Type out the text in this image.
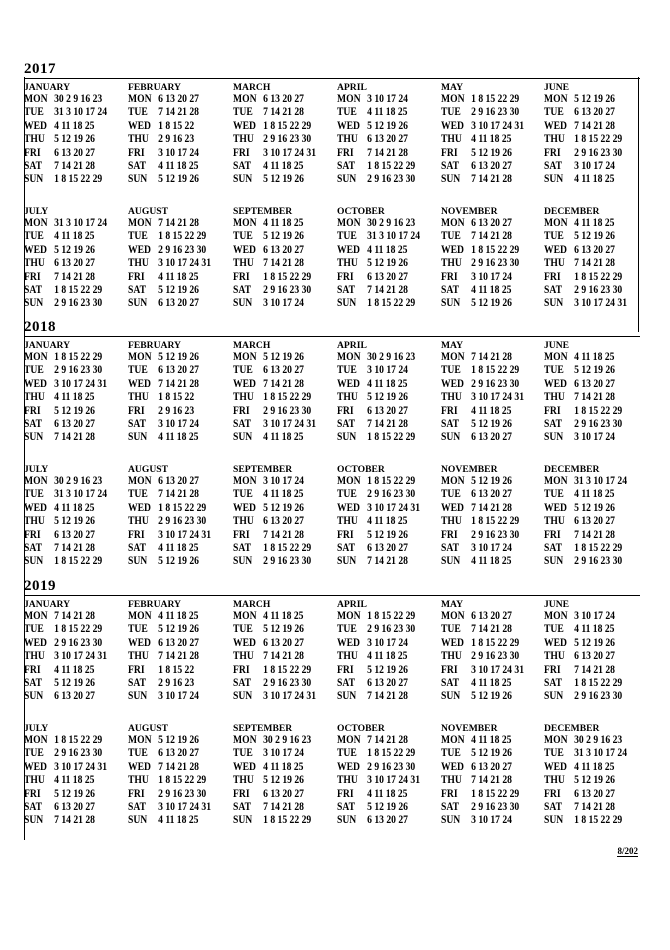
2017
JANUARY
MON 30 2 9 16 23
TUE 31 3 10 17 24
WED 4 11 18 25
THU 5 12 19 26
FRI 6 13 20 27
SAT 7 14 21 28
SUN 1 8 15 22 29
FEBRUARY
MON 6 13 20 27
TUE 7 14 21 28
WED 1 8 15 22
THU 2 9 16 23
FRI 3 10 17 24
SAT 4 11 18 25
SUN 5 12 19 26
MARCH
MON 6 13 20 27
TUE 7 14 21 28
WED 1 8 15 22 29
THU 2 9 16 23 30
FRI 3 10 17 24 31
SAT 4 11 18 25
SUN 5 12 19 26
APRIL
MON 3 10 17 24
TUE 4 11 18 25
WED 5 12 19 26
THU 6 13 20 27
FRI 7 14 21 28
SAT 1 8 15 22 29
SUN 2 9 16 23 30
MAY
MON 1 8 15 22 29
TUE 2 9 16 23 30
WED 3 10 17 24 31
THU 4 11 18 25
FRI 5 12 19 26
SAT 6 13 20 27
SUN 7 14 21 28
JUNE
MON 5 12 19 26
TUE 6 13 20 27
WED 7 14 21 28
THU 1 8 15 22 29
FRI 2 9 16 23 30
SAT 3 10 17 24
SUN 4 11 18 25
JULY
MON 31 3 10 17 24
TUE 4 11 18 25
WED 5 12 19 26
THU 6 13 20 27
FRI 7 14 21 28
SAT 1 8 15 22 29
SUN 2 9 16 23 30
AUGUST
MON 7 14 21 28
TUE 1 8 15 22 29
WED 2 9 16 23 30
THU 3 10 17 24 31
FRI 4 11 18 25
SAT 5 12 19 26
SUN 6 13 20 27
SEPTEMBER
MON 4 11 18 25
TUE 5 12 19 26
WED 6 13 20 27
THU 7 14 21 28
FRI 1 8 15 22 29
SAT 2 9 16 23 30
SUN 3 10 17 24
OCTOBER
MON 30 2 9 16 23
TUE 31 3 10 17 24
WED 4 11 18 25
THU 5 12 19 26
FRI 6 13 20 27
SAT 7 14 21 28
SUN 1 8 15 22 29
NOVEMBER
MON 6 13 20 27
TUE 7 14 21 28
WED 1 8 15 22 29
THU 2 9 16 23 30
FRI 3 10 17 24
SAT 4 11 18 25
SUN 5 12 19 26
DECEMBER
MON 4 11 18 25
TUE 5 12 19 26
WED 6 13 20 27
THU 7 14 21 28
FRI 1 8 15 22 29
SAT 2 9 16 23 30
SUN 3 10 17 24 31
2018
JANUARY
MON 1 8 15 22 29
TUE 2 9 16 23 30
WED 3 10 17 24 31
THU 4 11 18 25
FRI 5 12 19 26
SAT 6 13 20 27
SUN 7 14 21 28
FEBRUARY
MON 5 12 19 26
TUE 6 13 20 27
WED 7 14 21 28
THU 1 8 15 22
FRI 2 9 16 23
SAT 3 10 17 24
SUN 4 11 18 25
MARCH
MON 5 12 19 26
TUE 6 13 20 27
WED 7 14 21 28
THU 1 8 15 22 29
FRI 2 9 16 23 30
SAT 3 10 17 24 31
SUN 4 11 18 25
APRIL
MON 30 2 9 16 23
TUE 3 10 17 24
WED 4 11 18 25
THU 5 12 19 26
FRI 6 13 20 27
SAT 7 14 21 28
SUN 1 8 15 22 29
MAY
MON 7 14 21 28
TUE 1 8 15 22 29
WED 2 9 16 23 30
THU 3 10 17 24 31
FRI 4 11 18 25
SAT 5 12 19 26
SUN 6 13 20 27
JUNE
MON 4 11 18 25
TUE 5 12 19 26
WED 6 13 20 27
THU 7 14 21 28
FRI 1 8 15 22 29
SAT 2 9 16 23 30
SUN 3 10 17 24
JULY
MON 30 2 9 16 23
TUE 31 3 10 17 24
WED 4 11 18 25
THU 5 12 19 26
FRI 6 13 20 27
SAT 7 14 21 28
SUN 1 8 15 22 29
AUGUST
MON 6 13 20 27
TUE 7 14 21 28
WED 1 8 15 22 29
THU 2 9 16 23 30
FRI 3 10 17 24 31
SAT 4 11 18 25
SUN 5 12 19 26
SEPTEMBER
MON 3 10 17 24
TUE 4 11 18 25
WED 5 12 19 26
THU 6 13 20 27
FRI 7 14 21 28
SAT 1 8 15 22 29
SUN 2 9 16 23 30
OCTOBER
MON 1 8 15 22 29
TUE 2 9 16 23 30
WED 3 10 17 24 31
THU 4 11 18 25
FRI 5 12 19 26
SAT 6 13 20 27
SUN 7 14 21 28
NOVEMBER
MON 5 12 19 26
TUE 6 13 20 27
WED 7 14 21 28
THU 1 8 15 22 29
FRI 2 9 16 23 30
SAT 3 10 17 24
SUN 4 11 18 25
DECEMBER
MON 31 3 10 17 24
TUE 4 11 18 25
WED 5 12 19 26
THU 6 13 20 27
FRI 7 14 21 28
SAT 1 8 15 22 29
SUN 2 9 16 23 30
2019
JANUARY
MON 7 14 21 28
TUE 1 8 15 22 29
WED 2 9 16 23 30
THU 3 10 17 24 31
FRI 4 11 18 25
SAT 5 12 19 26
SUN 6 13 20 27
FEBRUARY
MON 4 11 18 25
TUE 5 12 19 26
WED 6 13 20 27
THU 7 14 21 28
FRI 1 8 15 22
SAT 2 9 16 23
SUN 3 10 17 24
MARCH
MON 4 11 18 25
TUE 5 12 19 26
WED 6 13 20 27
THU 7 14 21 28
FRI 1 8 15 22 29
SAT 2 9 16 23 30
SUN 3 10 17 24 31
APRIL
MON 1 8 15 22 29
TUE 2 9 16 23 30
WED 3 10 17 24
THU 4 11 18 25
FRI 5 12 19 26
SAT 6 13 20 27
SUN 7 14 21 28
MAY
MON 6 13 20 27
TUE 7 14 21 28
WED 1 8 15 22 29
THU 2 9 16 23 30
FRI 3 10 17 24 31
SAT 4 11 18 25
SUN 5 12 19 26
JUNE
MON 3 10 17 24
TUE 4 11 18 25
WED 5 12 19 26
THU 6 13 20 27
FRI 7 14 21 28
SAT 1 8 15 22 29
SUN 2 9 16 23 30
JULY
MON 1 8 15 22 29
TUE 2 9 16 23 30
WED 3 10 17 24 31
THU 4 11 18 25
FRI 5 12 19 26
SAT 6 13 20 27
SUN 7 14 21 28
AUGUST
MON 5 12 19 26
TUE 6 13 20 27
WED 7 14 21 28
THU 1 8 15 22 29
FRI 2 9 16 23 30
SAT 3 10 17 24 31
SUN 4 11 18 25
SEPTEMBER
MON 30 2 9 16 23
TUE 3 10 17 24
WED 4 11 18 25
THU 5 12 19 26
FRI 6 13 20 27
SAT 7 14 21 28
SUN 1 8 15 22 29
OCTOBER
MON 7 14 21 28
TUE 1 8 15 22 29
WED 2 9 16 23 30
THU 3 10 17 24 31
FRI 4 11 18 25
SAT 5 12 19 26
SUN 6 13 20 27
NOVEMBER
MON 4 11 18 25
TUE 5 12 19 26
WED 6 13 20 27
THU 7 14 21 28
FRI 1 8 15 22 29
SAT 2 9 16 23 30
SUN 3 10 17 24
DECEMBER
MON 30 2 9 16 23
TUE 31 3 10 17 24
WED 4 11 18 25
THU 5 12 19 26
FRI 6 13 20 27
SAT 7 14 21 28
SUN 1 8 15 22 29
8/202
